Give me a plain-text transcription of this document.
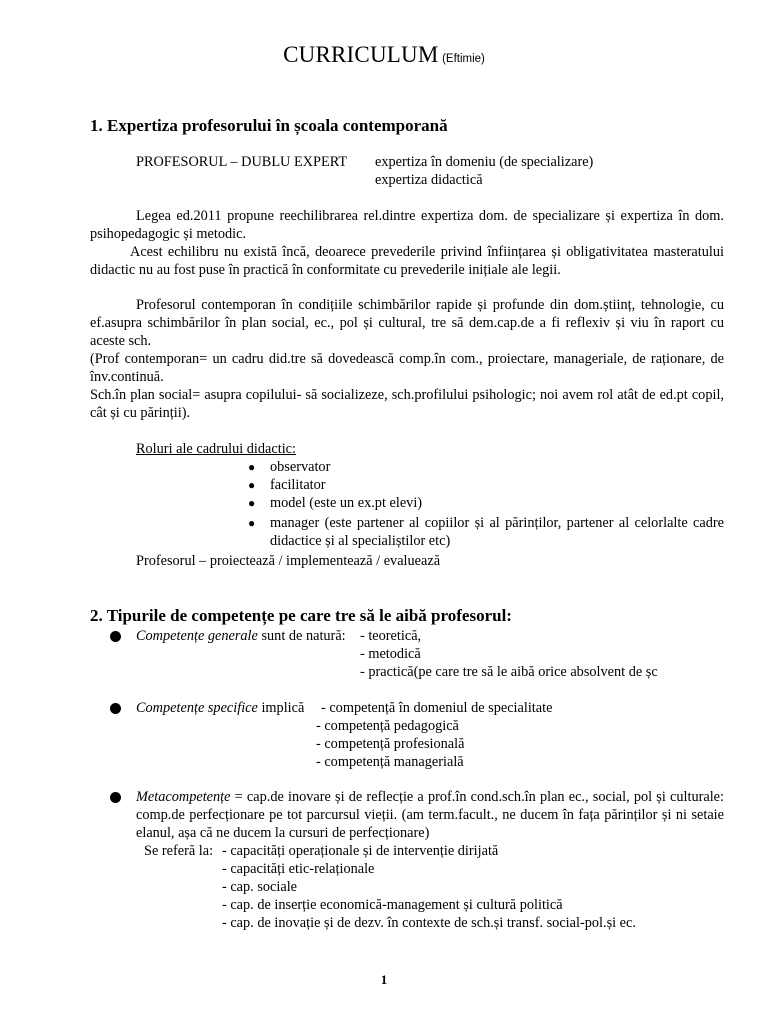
CURRICULUM (Eftimie)
1. Expertiza profesorului în școala contemporană
PROFESORUL – DUBLU EXPERT expertiza în domeniu (de specializare)
expertiza didactică
Legea ed.2011 propune reechilibrarea rel.dintre expertiza dom. de specializare și expertiza în dom. psihopedagogic și metodic.
Acest echilibru nu există încă, deoarece prevederile privind înființarea și obligativitatea masteratului didactic nu au fost puse în practică în conformitate cu prevederile inițiale ale legii.
Profesorul contemporan în condițiile schimbărilor rapide și profunde din dom.științ, tehnologie, cu ef.asupra schimbărilor în plan social, ec., pol și cultural, tre să dem.cap.de a fi reflexiv și viu în raport cu aceste sch.
(Prof contemporan= un cadru did.tre să dovedească comp.în com., proiectare, manageriale, de raționare, de înv.continuă.
Sch.în plan social= asupra copilului- să socializeze, sch.profilului psihologic; noi avem rol atât de ed.pt copil, cât și cu părinții).
Roluri ale cadrului didactic:
● observator
● facilitator
● model (este un ex.pt elevi)
● manager (este partener al copiilor și al părinților, partener al celorlalte cadre didactice și al specialiștilor etc)
Profesorul – proiectează / implementează / evaluează
2. Tipurile de competențe pe care tre să le aibă profesorul:
Competențe generale sunt de natură: - teoretică,
- metodică
- practică(pe care tre să le aibă orice absolvent de șc
Competențe specifice implică - competență în domeniul de specialitate
- competență pedagogică
- competență profesională
- competență managerială
Metacompetențe = cap.de inovare și de reflecție a prof.în cond.sch.în plan ec., social, pol și culturale: comp.de perfecționare pe tot parcursul vieții. (am term.facult., ne ducem în fața părinților și ni setaie elanul, așa că ne ducem la cursuri de perfecționare)
Se referă la: - capacități operaționale și de intervenție dirijată
- capacități etic-relaționale
- cap. sociale
- cap. de inserție economică-management și cultură politică
- cap. de inovație și de dezv. în contexte de sch.și transf. social-pol.și ec.
1
